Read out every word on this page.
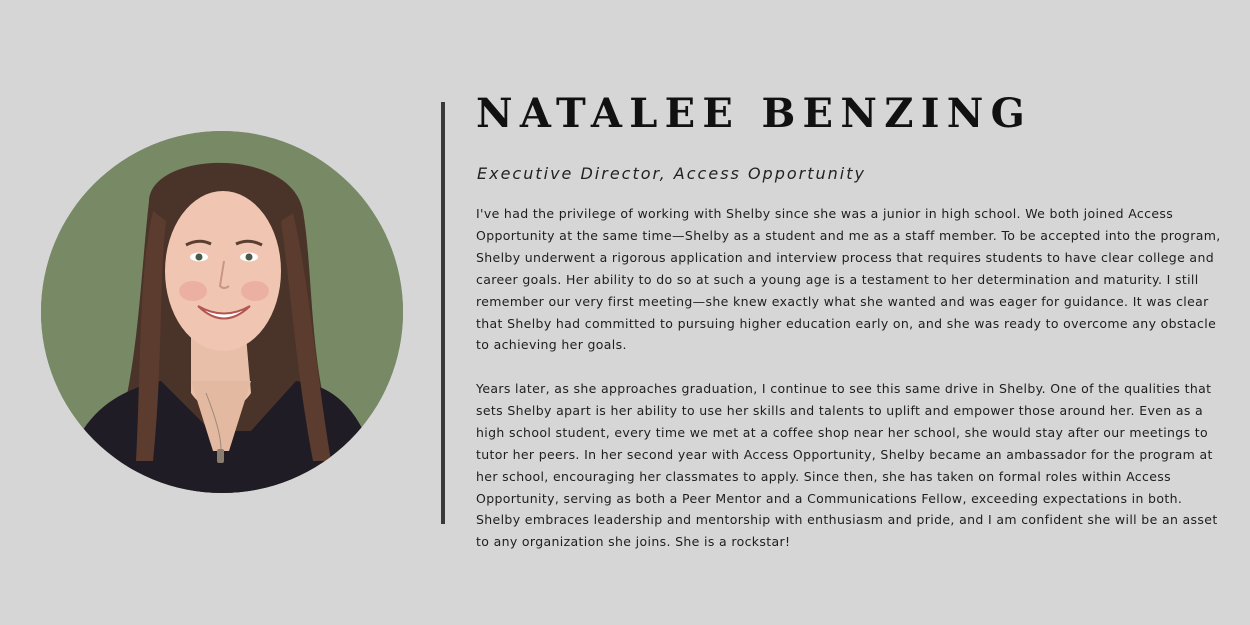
NATALEE BENZING

Executive Director, Access Opportunity

I've had the privilege of working with Shelby since she was a junior in high school. We both joined Access Opportunity at the same time—Shelby as a student and me as a staff member. To be accepted into the program, Shelby underwent a rigorous application and interview process that requires students to have clear college and career goals. Her ability to do so at such a young age is a testament to her determination and maturity. I still remember our very first meeting—she knew exactly what she wanted and was eager for guidance. It was clear that Shelby had committed to pursuing higher education early on, and she was ready to overcome any obstacle to achieving her goals.

Years later, as she approaches graduation, I continue to see this same drive in Shelby. One of the qualities that sets Shelby apart is her ability to use her skills and talents to uplift and empower those around her. Even as a high school student, every time we met at a coffee shop near her school, she would stay after our meetings to tutor her peers. In her second year with Access Opportunity, Shelby became an ambassador for the program at her school, encouraging her classmates to apply. Since then, she has taken on formal roles within Access Opportunity, serving as both a Peer Mentor and a Communications Fellow, exceeding expectations in both. Shelby embraces leadership and mentorship with enthusiasm and pride, and I am confident she will be an asset to any organization she joins. She is a rockstar!
